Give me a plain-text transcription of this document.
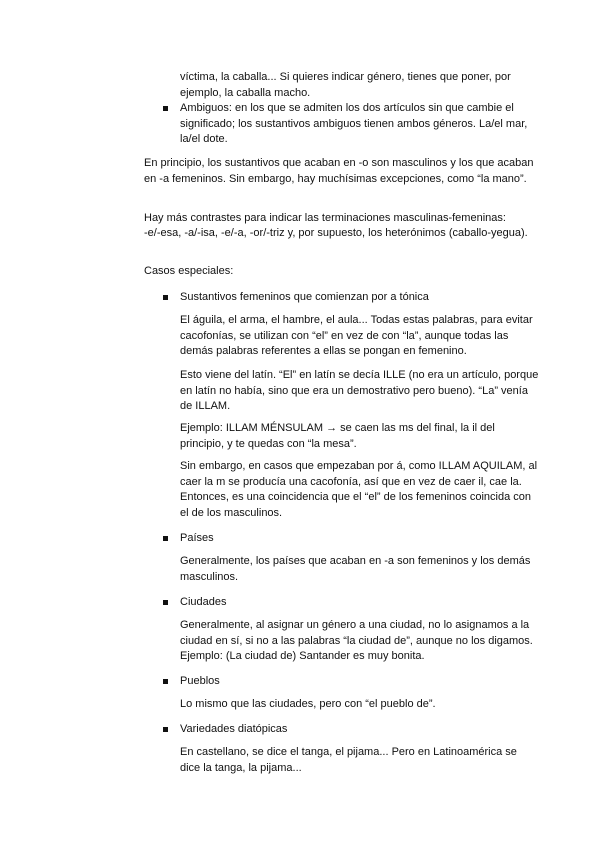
víctima, la caballa... Si quieres indicar género, tienes que poner, por ejemplo, la caballa macho.

Ambiguos: en los que se admiten los dos artículos sin que cambie el significado; los sustantivos ambiguos tienen ambos géneros. La/el mar, la/el dote.

En principio, los sustantivos que acaban en -o son masculinos y los que acaban en -a femeninos. Sin embargo, hay muchísimas excepciones, como “la mano”.

Hay más contrastes para indicar las terminaciones masculinas-femeninas:

-e/-esa, -a/-isa, -e/-a, -or/-triz y, por supuesto, los heterónimos (caballo-yegua).

Casos especiales:

Sustantivos femeninos que comienzan por a tónica

El águila, el arma, el hambre, el aula... Todas estas palabras, para evitar cacofonías, se utilizan con “el” en vez de con “la”, aunque todas las demás palabras referentes a ellas se pongan en femenino.

Esto viene del latín. “El” en latín se decía ILLE (no era un artículo, porque en latín no había, sino que era un demostrativo pero bueno). “La” venía de ILLAM.

Ejemplo: ILLAM MÉNSULAM → se caen las ms del final, la il del principio, y te quedas con “la mesa”.

Sin embargo, en casos que empezaban por á, como ILLAM AQUILAM, al caer la m se producía una cacofonía, así que en vez de caer il, cae la. Entonces, es una coincidencia que el “el” de los femeninos coincida con el de los masculinos.

Países

Generalmente, los países que acaban en -a son femeninos y los demás masculinos.

Ciudades

Generalmente, al asignar un género a una ciudad, no lo asignamos a la ciudad en sí, si no a las palabras “la ciudad de”, aunque no los digamos. Ejemplo: (La ciudad de) Santander es muy bonita.

Pueblos

Lo mismo que las ciudades, pero con “el pueblo de”.

Variedades diatópicas

En castellano, se dice el tanga, el pijama... Pero en Latinoamérica se dice la tanga, la pijama...
